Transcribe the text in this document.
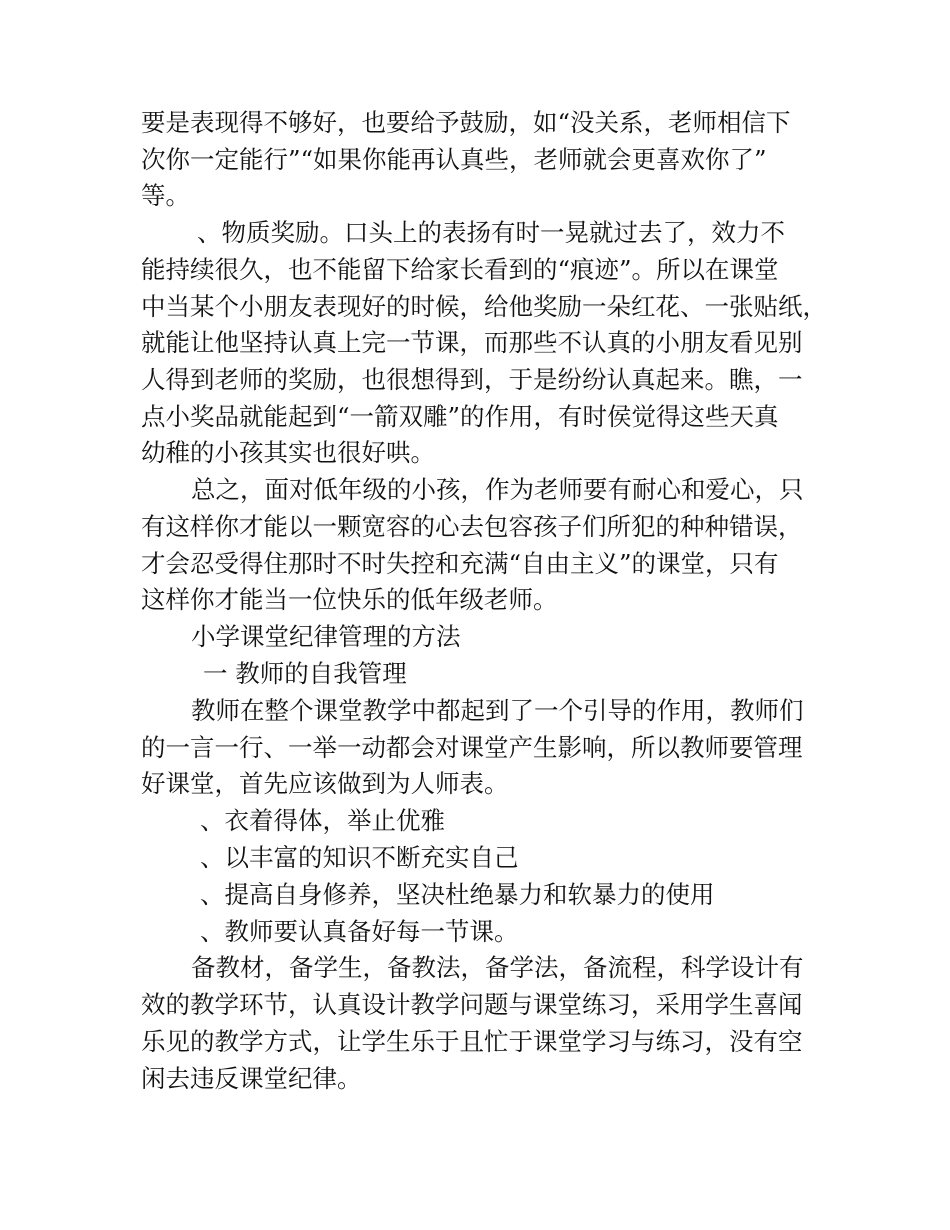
要是表现得不够好，也要给予鼓励，如“没关系，老师相信下

次你一定能行”“如果你能再认真些，老师就会更喜欢你了”

等。

、物质奖励。口头上的表扬有时一晃就过去了，效力不

能持续很久，也不能留下给家长看到的“痕迹”。所以在课堂

中当某个小朋友表现好的时候，给他奖励一朵红花、一张贴纸，

就能让他坚持认真上完一节课，而那些不认真的小朋友看见别

人得到老师的奖励，也很想得到，于是纷纷认真起来。瞧，一

点小奖品就能起到“一箭双雕”的作用，有时侯觉得这些天真

幼稚的小孩其实也很好哄。

总之，面对低年级的小孩，作为老师要有耐心和爱心，只

有这样你才能以一颗宽容的心去包容孩子们所犯的种种错误，

才会忍受得住那时不时失控和充满“自由主义”的课堂，只有

这样你才能当一位快乐的低年级老师。

小学课堂纪律管理的方法

一 教师的自我管理

教师在整个课堂教学中都起到了一个引导的作用，教师们

的一言一行、一举一动都会对课堂产生影响，所以教师要管理

好课堂，首先应该做到为人师表。

、衣着得体，举止优雅

、以丰富的知识不断充实自己

、提高自身修养，坚决杜绝暴力和软暴力的使用

、教师要认真备好每一节课。

备教材，备学生，备教法，备学法，备流程，科学设计有

效的教学环节，认真设计教学问题与课堂练习，采用学生喜闻

乐见的教学方式，让学生乐于且忙于课堂学习与练习，没有空

闲去违反课堂纪律。
